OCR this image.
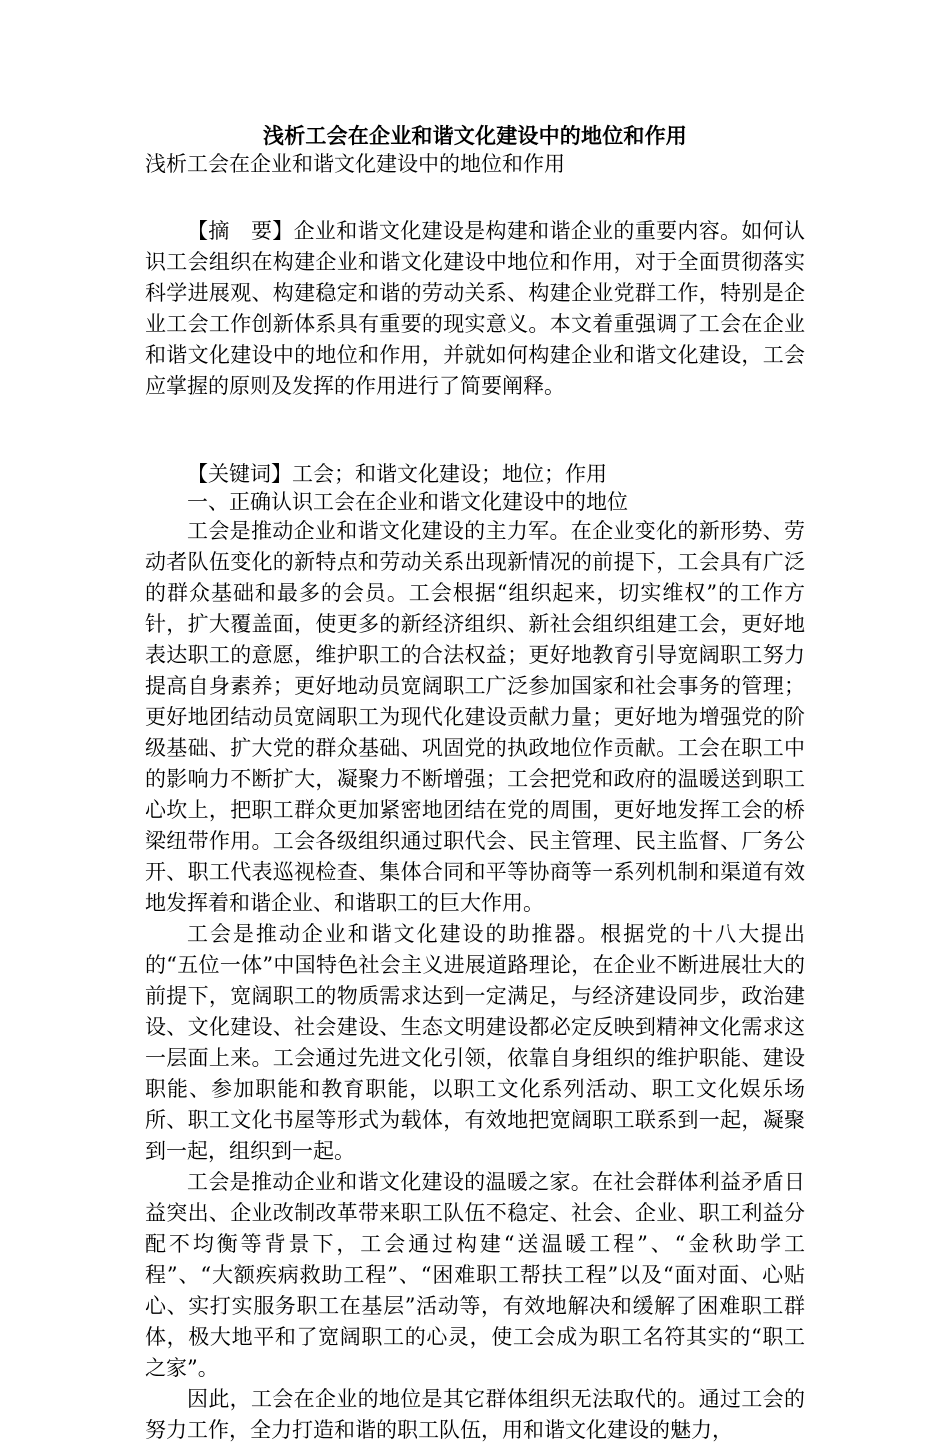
浅析工会在企业和谐文化建设中的地位和作用

浅析工会在企业和谐文化建设中的地位和作用

【摘　要】企业和谐文化建设是构建和谐企业的重要内容。如何认识工会组织在构建企业和谐文化建设中地位和作用，对于全面贯彻落实科学进展观、构建稳定和谐的劳动关系、构建企业党群工作，特别是企业工会工作创新体系具有重要的现实意义。本文着重强调了工会在企业和谐文化建设中的地位和作用，并就如何构建企业和谐文化建设，工会应掌握的原则及发挥的作用进行了简要阐释。

【关键词】工会；和谐文化建设；地位；作用

一、正确认识工会在企业和谐文化建设中的地位

工会是推动企业和谐文化建设的主力军。在企业变化的新形势、劳动者队伍变化的新特点和劳动关系出现新情况的前提下，工会具有广泛的群众基础和最多的会员。工会根据“组织起来，切实维权”的工作方针，扩大覆盖面，使更多的新经济组织、新社会组织组建工会，更好地表达职工的意愿，维护职工的合法权益；更好地教育引导宽阔职工努力提高自身素养；更好地动员宽阔职工广泛参加国家和社会事务的管理；更好地团结动员宽阔职工为现代化建设贡献力量；更好地为增强党的阶级基础、扩大党的群众基础、巩固党的执政地位作贡献。工会在职工中的影响力不断扩大，凝聚力不断增强；工会把党和政府的温暖送到职工心坎上，把职工群众更加紧密地团结在党的周围，更好地发挥工会的桥梁纽带作用。工会各级组织通过职代会、民主管理、民主监督、厂务公开、职工代表巡视检查、集体合同和平等协商等一系列机制和渠道有效地发挥着和谐企业、和谐职工的巨大作用。

工会是推动企业和谐文化建设的助推器。根据党的十八大提出的“五位一体”中国特色社会主义进展道路理论，在企业不断进展壮大的前提下，宽阔职工的物质需求达到一定满足，与经济建设同步，政治建设、文化建设、社会建设、生态文明建设都必定反映到精神文化需求这一层面上来。工会通过先进文化引领，依靠自身组织的维护职能、建设职能、参加职能和教育职能，以职工文化系列活动、职工文化娱乐场所、职工文化书屋等形式为载体，有效地把宽阔职工联系到一起，凝聚到一起，组织到一起。

工会是推动企业和谐文化建设的温暖之家。在社会群体利益矛盾日益突出、企业改制改革带来职工队伍不稳定、社会、企业、职工利益分配不均衡等背景下，工会通过构建“送温暖工程”、“金秋助学工程”、“大额疾病救助工程”、“困难职工帮扶工程”以及“面对面、心贴心、实打实服务职工在基层”活动等，有效地解决和缓解了困难职工群体，极大地平和了宽阔职工的心灵，使工会成为职工名符其实的“职工之家”。

因此，工会在企业的地位是其它群体组织无法取代的。通过工会的努力工作，全力打造和谐的职工队伍，用和谐文化建设的魅力，
